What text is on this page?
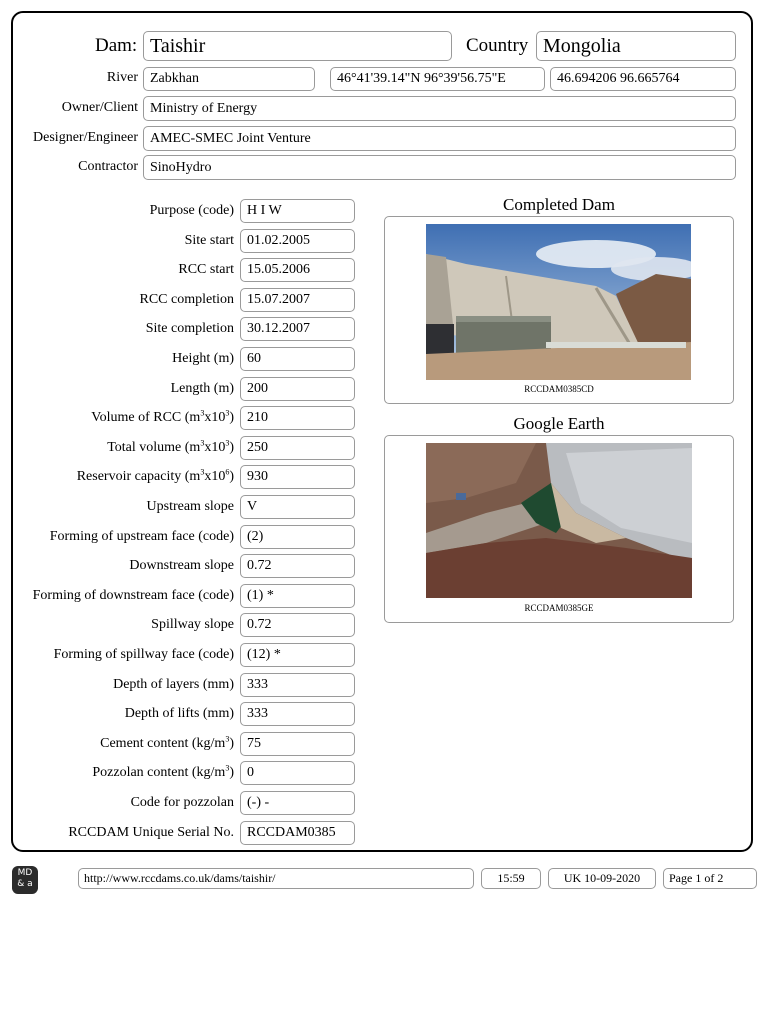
Dam: Taishir	Country Mongolia
River Zabkhan	46°41'39.14"N 96°39'56.75"E	46.694206 96.665764
Owner/Client Ministry of Energy
Designer/Engineer AMEC-SMEC Joint Venture
Contractor SinoHydro
Purpose (code) H I W
Site start 01.02.2005
RCC start 15.05.2006
RCC completion 15.07.2007
Site completion 30.12.2007
Height (m) 60
Length (m) 200
Volume of RCC $(m^3x10^3)$ 210
Total volume $(m^3x10^3)$ 250
Reservoir capacity $(m^3x10^6)$ 930
Upstream slope V
Forming of upstream face (code) (2)
Downstream slope 0.72
Forming of downstream face (code) (1) *
Spillway slope 0.72
Forming of spillway face (code) (12) *
Depth of layers (mm) 333
Depth of lifts (mm) 333
Cement content $(kg/m^3)$ 75
Pozzolan content $(kg/m^3)$ 0
Code for pozzolan (-) -
RCCDAM Unique Serial No. RCCDAM0385
Completed Dam
RCCDAM0385CD
Google Earth
RCCDAM0385GE
MD
& a	http://www.rccdams.co.uk/dams/taishir/	15:59	UK 10-09-2020	Page 1 of 2
